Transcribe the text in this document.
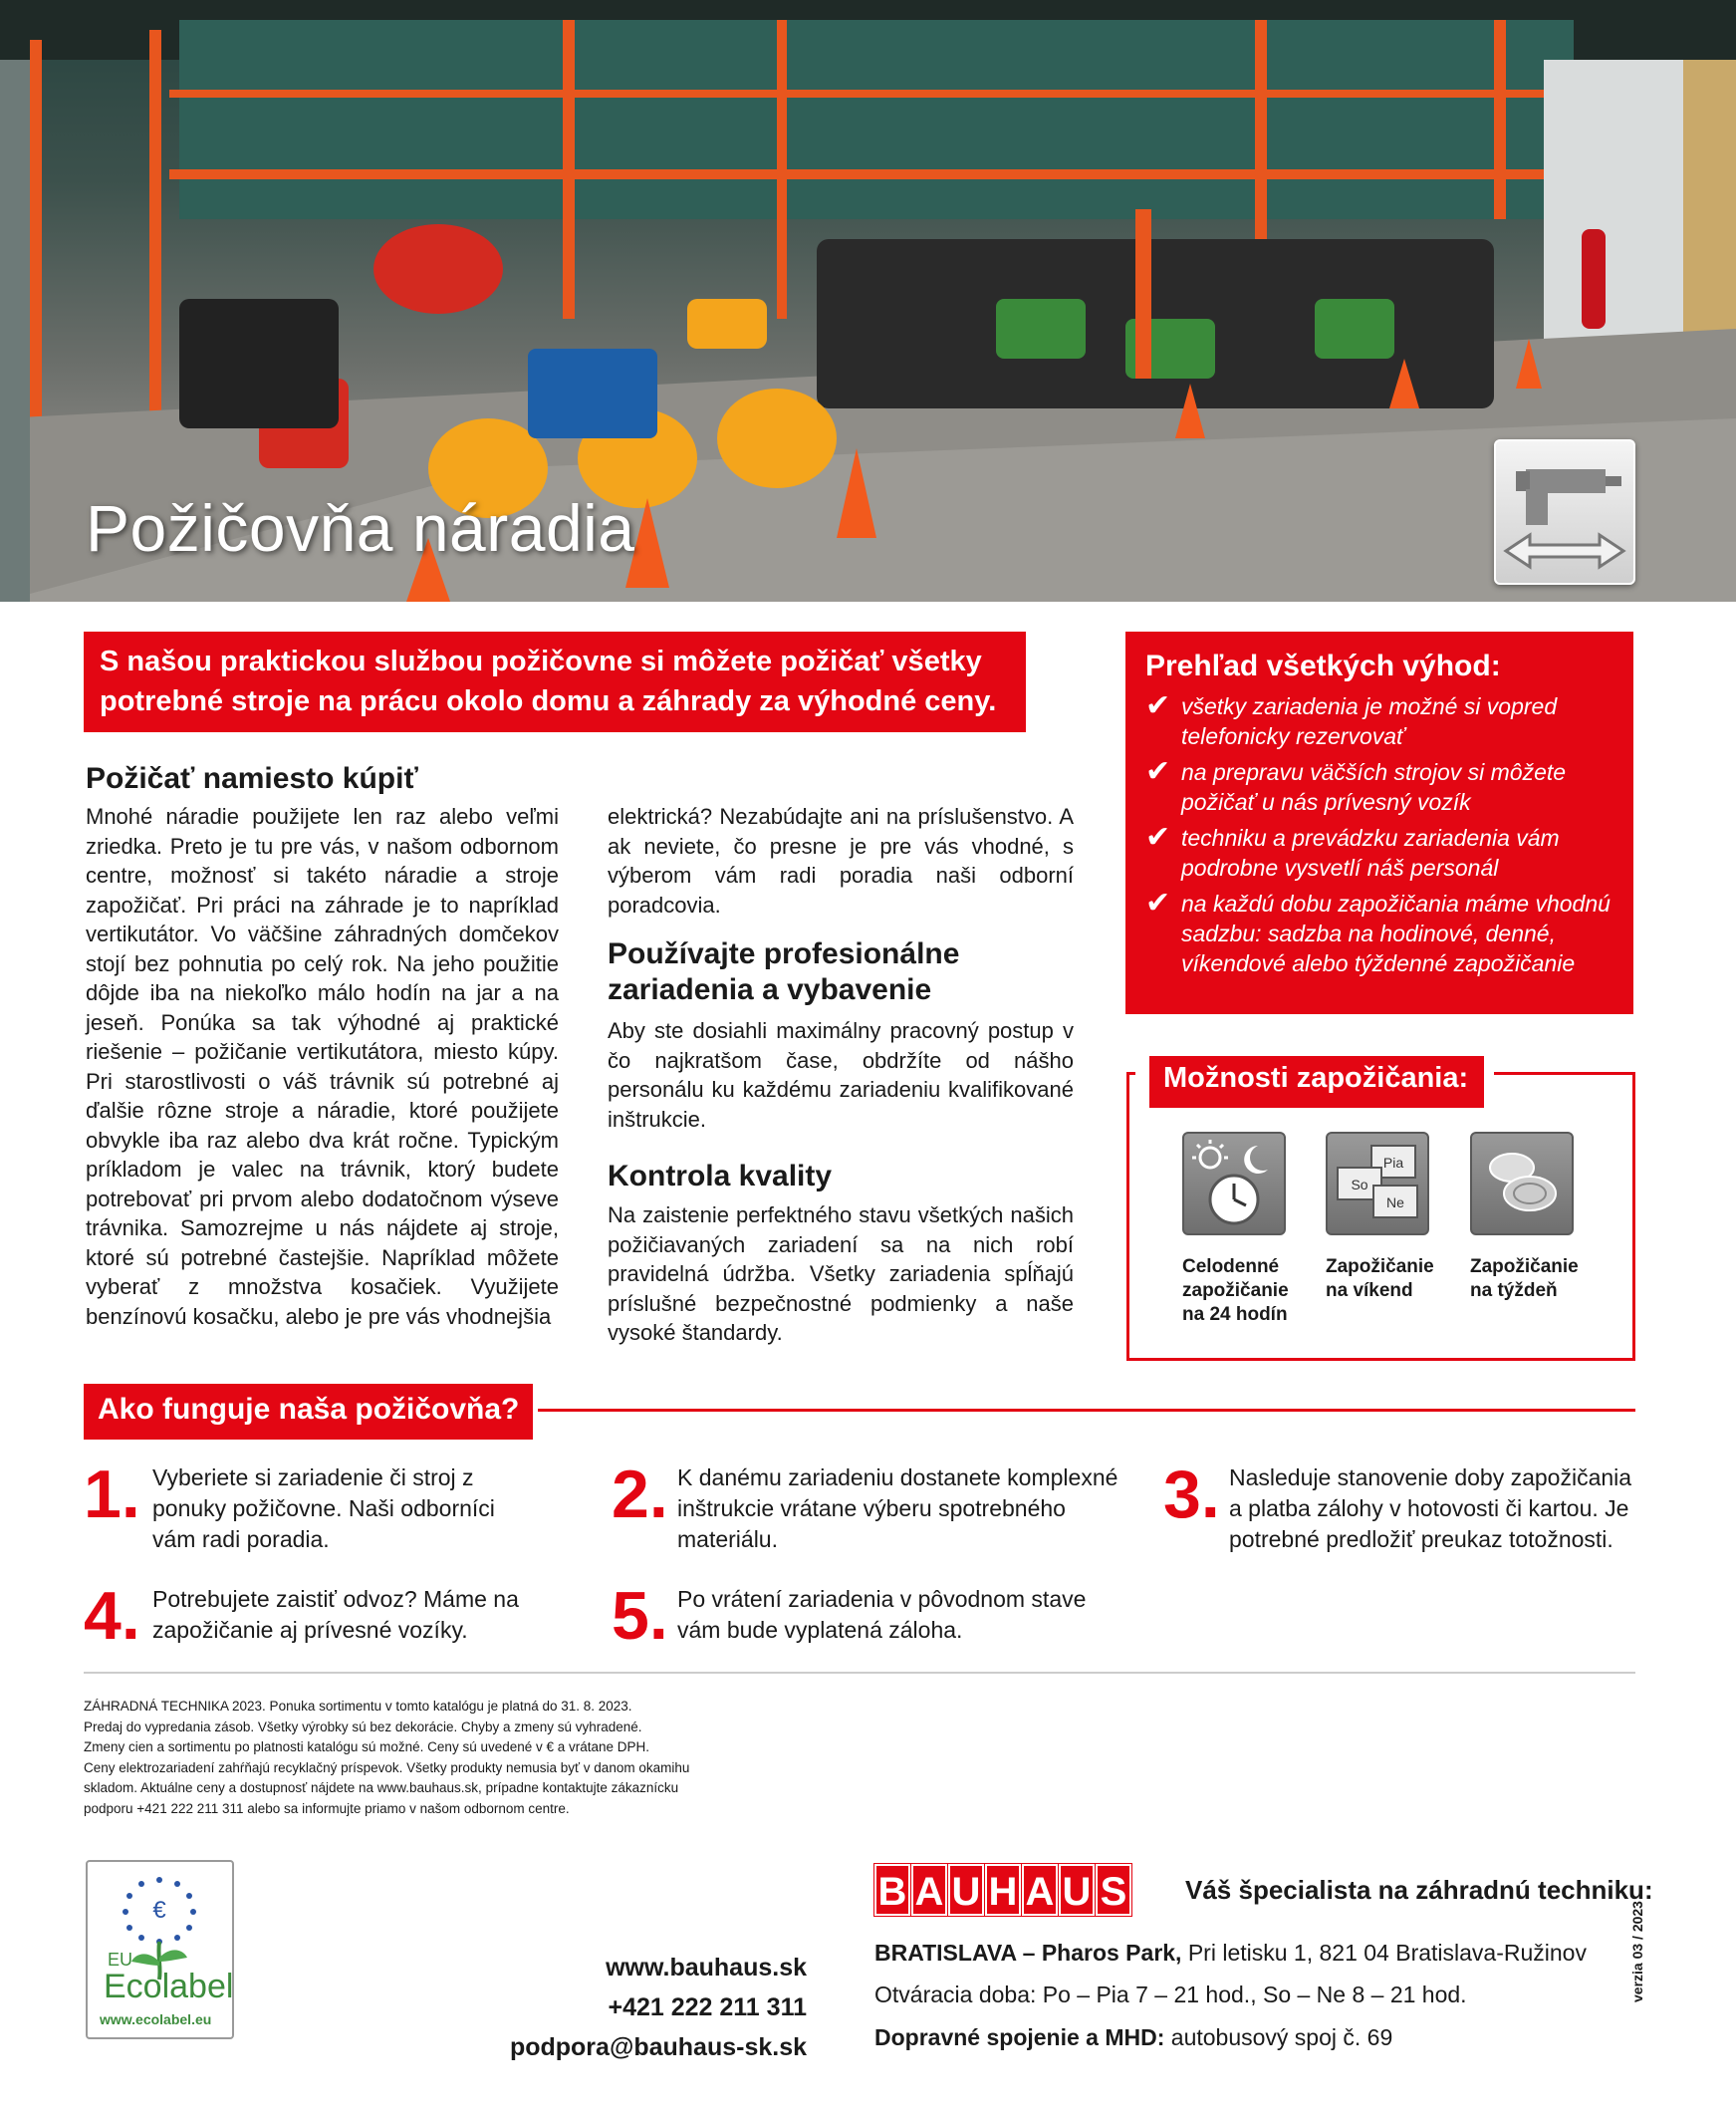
Požičovňa náradia
S našou praktickou službou požičovne si môžete požičať všetky potrebné stroje na prácu okolo domu a záhrady za výhodné ceny.
Požičať namiesto kúpiť
Mnohé náradie použijete len raz alebo veľmi zriedka. Preto je tu pre vás, v našom odbornom centre, možnosť si takéto náradie a stroje zapožičať. Pri práci na záhrade je to napríklad vertikutátor. Vo väčšine záhradných domčekov stojí bez pohnutia po celý rok. Na jeho použitie dôjde iba na niekoľko málo hodín na jar a na jeseň. Ponúka sa tak výhodné aj praktické riešenie – požičanie vertikutátora, miesto kúpy. Pri starostlivosti o váš trávnik sú potrebné aj ďalšie rôzne stroje a náradie, ktoré použijete obvykle iba raz alebo dva krát ročne. Typickým príkladom je valec na trávnik, ktorý budete potrebovať pri prvom alebo dodatočnom výseve trávnika. Samozrejme u nás nájdete aj stroje, ktoré sú potrebné častejšie. Napríklad môžete vyberať z množstva kosačiek. Využijete benzínovú kosačku, alebo je pre vás vhodnejšia
elektrická? Nezabúdajte ani na príslušenstvo. A ak neviete, čo presne je pre vás vhodné, s výberom vám radi poradia naši odborní poradcovia.
Používajte profesionálne zariadenia a vybavenie
Aby ste dosiahli maximálny pracovný postup v čo najkratšom čase, obdržíte od nášho personálu ku každému zariadeniu kvalifikované inštrukcie.
Kontrola kvality
Na zaistenie perfektného stavu všetkých našich požičiavaných zariadení sa na nich robí pravidelná údržba. Všetky zariadenia spĺňajú príslušné bezpečnostné podmienky a naše vysoké štandardy.
Prehľad všetkých výhod:
✔ všetky zariadenia je možné si vopred telefonicky rezervovať
✔ na prepravu väčších strojov si môžete požičať u nás prívesný vozík
✔ techniku a prevádzku zariadenia vám podrobne vysvetlí náš personál
✔ na každú dobu zapožičania máme vhodnú sadzbu: sadzba na hodinové, denné, víkendové alebo týždenné zapožičanie
Možnosti zapožičania:
Pia
So
Ne
Celodenné zapožičanie na 24 hodín
Zapožičanie na víkend
Zapožičanie na týždeň
Ako funguje naša požičovňa?
1. Vyberiete si zariadenie či stroj z ponuky požičovne. Naši odborníci vám radi poradia.
2. K danému zariadeniu dostanete komplexné inštrukcie vrátane výberu spotrebného materiálu.
3. Nasleduje stanovenie doby zapožičania a platba zálohy v hotovosti či kartou. Je potrebné predložiť preukaz totožnosti.
4. Potrebujete zaistiť odvoz? Máme na zapožičanie aj prívesné vozíky.	5. Po vrátení zariadenia v pôvodnom stave vám bude vyplatená záloha.
ZÁHRADNÁ TECHNIKA 2023. Ponuka sortimentu v tomto katalógu je platná do 31. 8. 2023.
Predaj do vypredania zásob. Všetky výrobky sú bez dekorácie. Chyby a zmeny sú vyhradené.
Zmeny cien a sortimentu po platnosti katalógu sú možné. Ceny sú uvedené v € a vrátane DPH.
Ceny elektrozariadení zahŕňajú recyklačný príspevok. Všetky produkty nemusia byť v danom okamihu
skladom. Aktuálne ceny a dostupnosť nájdete na www.bauhaus.sk, prípadne kontaktujte zákaznícku
podporu +421 222 211 311 alebo sa informujte priamo v našom odbornom centre.
€
EU
Ecolabel
www.ecolabel.eu
www.bauhaus.sk
+421 222 211 311
podpora@bauhaus-sk.sk
B A U H A U S Váš špecialista na záhradnú techniku:
BRATISLAVA – Pharos Park, Pri letisku 1, 821 04 Bratislava-Ružinov
Otváracia doba: Po – Pia 7 – 21 hod., So – Ne 8 – 21 hod.
Dopravné spojenie a MHD: autobusový spoj č. 69
verzia 03 / 2023
